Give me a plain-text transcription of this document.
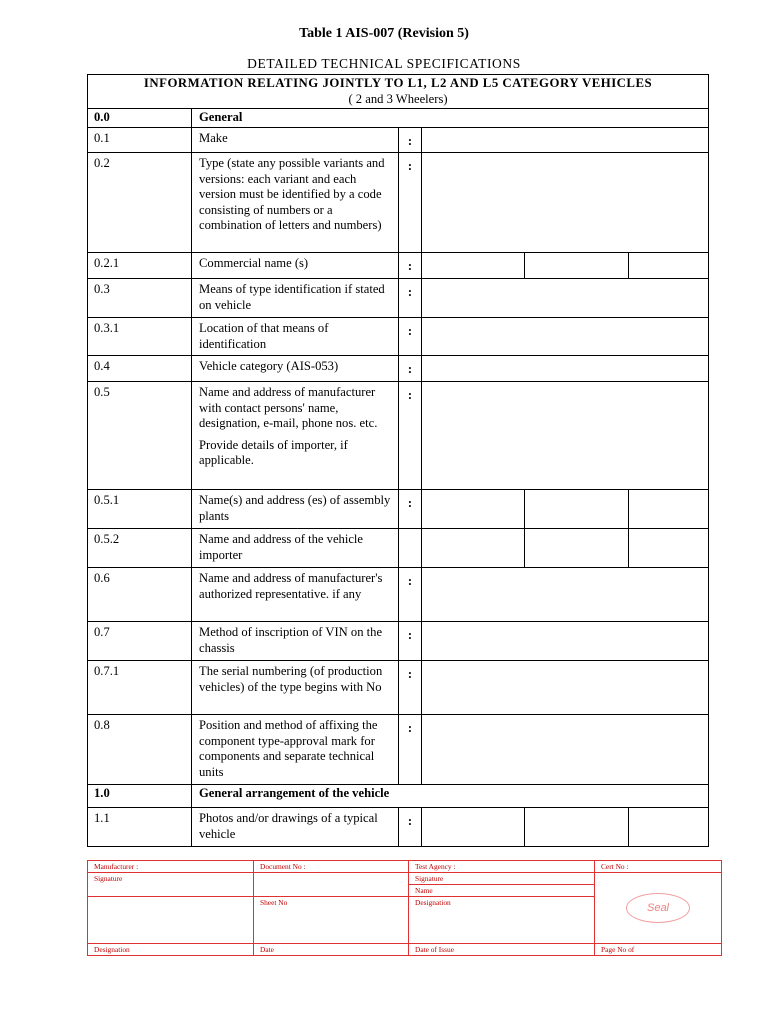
Table 1 AIS-007 (Revision 5)
DETAILED TECHNICAL SPECIFICATIONS
INFORMATION RELATING JOINTLY TO L1, L2 AND L5 CATEGORY VEHICLES
( 2 and 3 Wheelers)					

0.0	General				
0.1	Make	:			
0.2	Type (state any possible variants and versions: each variant and each version must be identified by a code consisting of numbers or a combination of letters and numbers)	:			
0.2.1	Commercial name (s)	:			
0.3	Means of type identification if stated on vehicle	:			
0.3.1	Location of that means of identification	:			
0.4	Vehicle category (AIS-053)	:			
0.5	Name and address of manufacturer with contact persons' name, designation, e-mail, phone nos. etc.
Provide details of importer, if applicable.	:			
0.5.1	Name(s) and address (es) of assembly plants	:			
0.5.2	Name and address of the vehicle importer				
0.6	Name and address of manufacturer's authorized representative. if any	:			
0.7	Method of inscription of VIN on the chassis	:			
0.7.1	The serial numbering (of production vehicles) of the type begins with No	:			
0.8	Position and method of affixing the component type-approval mark for components and separate technical units	:			
1.0	General arrangement of the vehicle				
1.1	Photos and/or drawings of a typical vehicle	:			
Manufacturer :	Document No :	Test Agency :	Cert No :
Signature		Signature	
		Name	
	Sheet No	Designation	
Designation	Date	Date of Issue	Page No of
Seal
